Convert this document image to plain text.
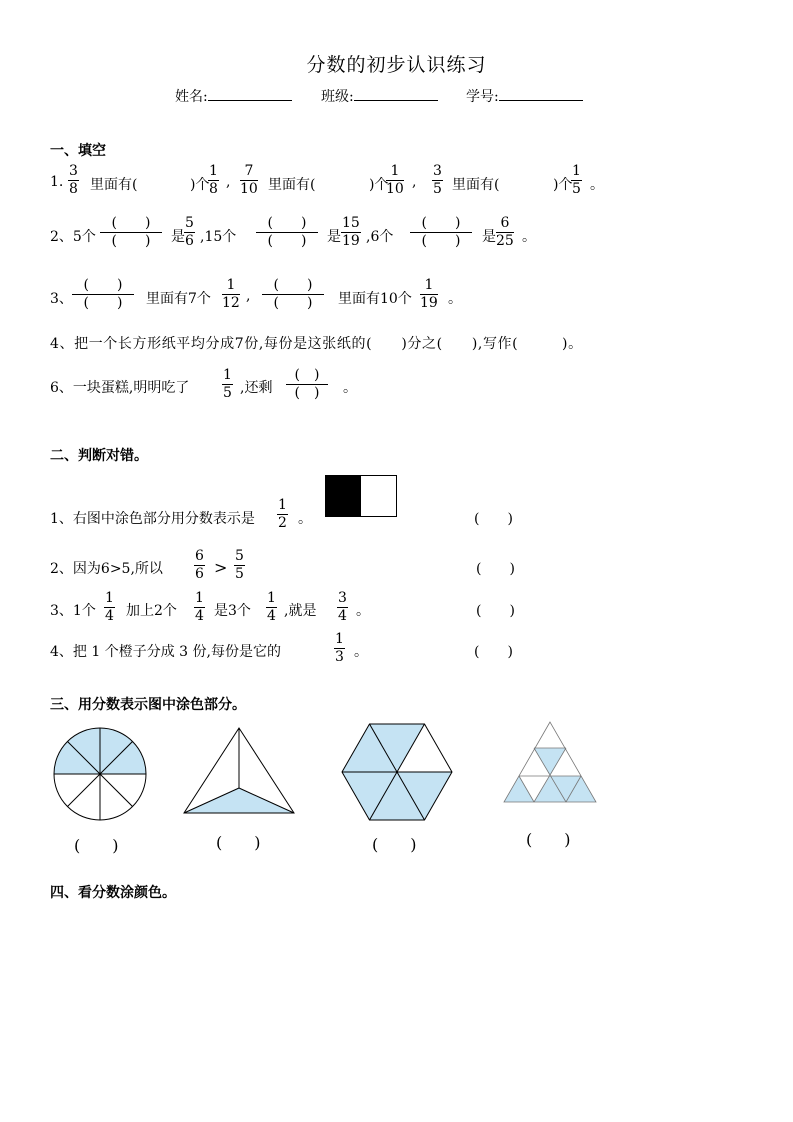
分数的初步认识练习
姓名:	班级:	学号:
一、填空
1. $\frac{3}{8}$ 里面有(	)个
$\frac{1}{8}$ , $\frac{7}{10}$ 里面有(	)个
$\frac{1}{10}$ , $\frac{3}{5}$ 里面有(	)个
$\frac{1}{5}$ 。
2、5个
(　　)
(　　)	是 $\frac{5}{6} ,15$个
(　　)
(　　)	是 $\frac{15}{19} ,6$个
(　　)
(　　)	是 $\frac{6}{25}$ 。
3、
(　　)
(　　)	里面有7个 $\frac{1}{12}$ ,
(　　)
(　　)	里面有10个 $\frac{1}{19}$ 。
4、把一个长方形纸平均分成7份,每份是这张纸的(　　)分之(　　),写作(　　　)。
6、一块蛋糕,明明吃了 $\frac{1}{5}$ ,还剩
(　)
(　)	。
二、判断对错。
1、右图中涂色部分用分数表示是 $\frac{1}{2}$ 。	(　　)
2、因为6>5,所以 $\frac{6}{6} > \frac{5}{5}$	(　　)
3、1个 $\frac{1}{4}$ 加上2个 $\frac{1}{4}$ 是3个 $\frac{1}{4}$ ,就是 $\frac{3}{4}$ 。	(　　)
4、把 1 个橙子分成 3 份,每份是它的	$\frac{1}{3}$ 。	(　　)
三、用分数表示图中涂色部分。
(　　)	(　　)	(　　)	(　　)
四、看分数涂颜色。
